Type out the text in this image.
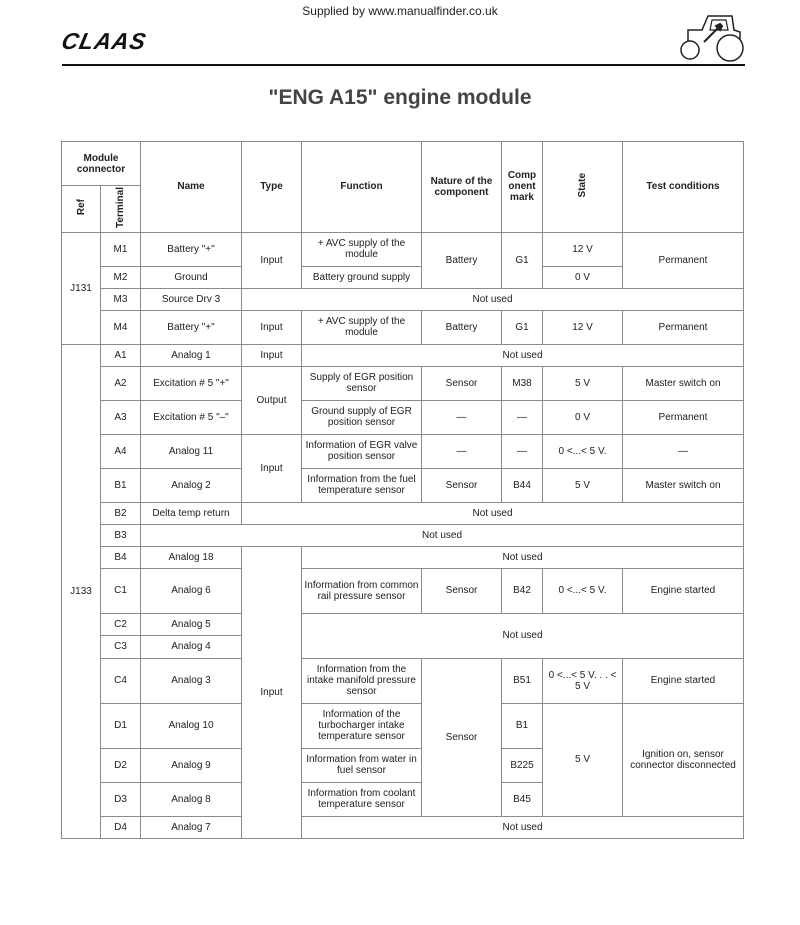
Supplied by www.manualfinder.co.uk
CLAAS
"ENG A15" engine module
Module connector		Name	Type	Function	Nature of the component	Comp onent mark	State	Test conditions
Ref	Terminal							
J131	M1	Battery "+"	Input	+ AVC supply of the module	Battery	G1	12 V	Permanent
	M2	Ground		Battery ground supply			0 V	
	M3	Source Drv 3	Not used					
	M4	Battery "+"	Input	+ AVC supply of the module	Battery	G1	12 V	Permanent
J133	A1	Analog 1	Input	Not used				
	A2	Excitation # 5 "+"	Output	Supply of EGR position sensor	Sensor	M38	5 V	Master switch on
	A3	Excitation # 5 "–"		Ground supply of EGR position sensor	—	—	0 V	Permanent
	A4	Analog 11	Input	Information of EGR valve position sensor	—	—	0 <...< 5 V.	—
	B1	Analog 2		Information from the fuel temperature sensor	Sensor	B44	5 V	Master switch on
	B2	Delta temp return	Not used					
	B3	Not used						
	B4	Analog 18	Input	Not used				
	C1	Analog 6		Information from common rail pressure sensor	Sensor	B42	0 <...< 5 V.	Engine started
	C2	Analog 5		Not used				
	C3	Analog 4						
	C4	Analog 3		Information from the intake manifold pressure sensor	Sensor	B51	0 <...< 5 V. . . < 5 V	Engine started
	D1	Analog 10		Information of the turbocharger intake temperature sensor		B1	5 V	Ignition on, sensor connector disconnected
	D2	Analog 9		Information from water in fuel sensor		B225		
	D3	Analog 8		Information from coolant temperature sensor		B45		
	D4	Analog 7		Not used				
